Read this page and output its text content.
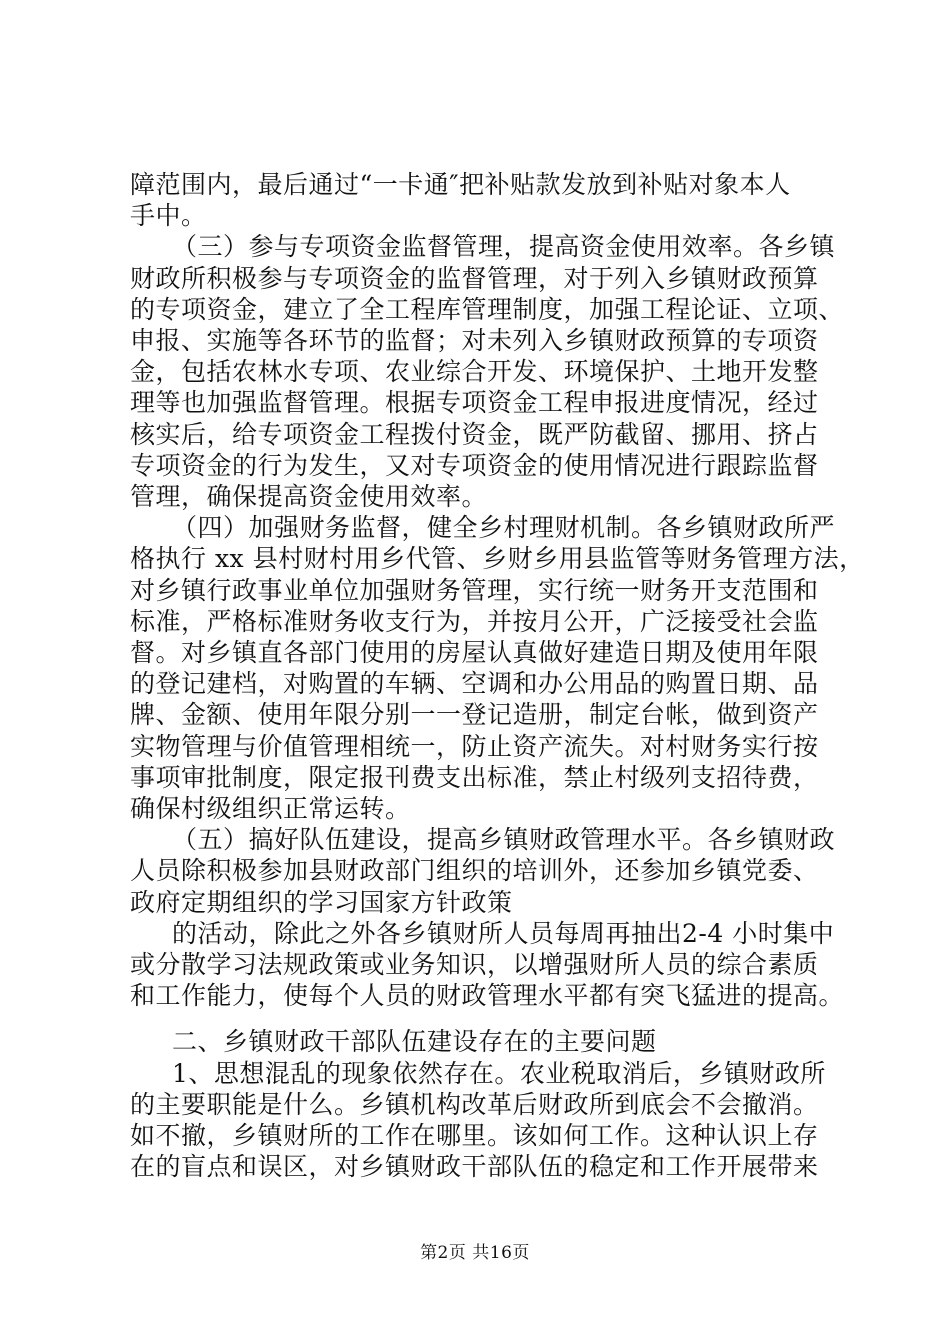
障范围内，最后通过“一卡通″把补贴款发放到补贴对象本人
手中。
（三）参与专项资金监督管理，提高资金使用效率。各乡镇
财政所积极参与专项资金的监督管理，对于列入乡镇财政预算
的专项资金，建立了全工程库管理制度，加强工程论证、立项、
申报、实施等各环节的监督；对未列入乡镇财政预算的专项资
金，包括农林水专项、农业综合开发、环境保护、土地开发整
理等也加强监督管理。根据专项资金工程申报进度情况，经过
核实后，给专项资金工程拨付资金，既严防截留、挪用、挤占
专项资金的行为发生，又对专项资金的使用情况进行跟踪监督
管理，确保提高资金使用效率。
（四）加强财务监督，健全乡村理财机制。各乡镇财政所严
格执行 xx 县村财村用乡代管、乡财乡用县监管等财务管理方法，
对乡镇行政事业单位加强财务管理，实行统一财务开支范围和
标准，严格标准财务收支行为，并按月公开，广泛接受社会监
督。对乡镇直各部门使用的房屋认真做好建造日期及使用年限
的登记建档，对购置的车辆、空调和办公用品的购置日期、品
牌、金额、使用年限分别一一登记造册，制定台帐，做到资产
实物管理与价值管理相统一，防止资产流失。对村财务实行按
事项审批制度，限定报刊费支出标准，禁止村级列支招待费，
确保村级组织正常运转。
（五）搞好队伍建设，提高乡镇财政管理水平。各乡镇财政
人员除积极参加县财政部门组织的培训外，还参加乡镇党委、
政府定期组织的学习国家方针政策
的活动，除此之外各乡镇财所人员每周再抽出2-4 小时集中
或分散学习法规政策或业务知识，以增强财所人员的综合素质
和工作能力，使每个人员的财政管理水平都有突飞猛进的提高。
二、乡镇财政干部队伍建设存在的主要问题
1、思想混乱的现象依然存在。农业税取消后，乡镇财政所
的主要职能是什么。乡镇机构改革后财政所到底会不会撤消。
如不撤，乡镇财所的工作在哪里。该如何工作。这种认识上存
在的盲点和误区，对乡镇财政干部队伍的稳定和工作开展带来
第2页 共16页
